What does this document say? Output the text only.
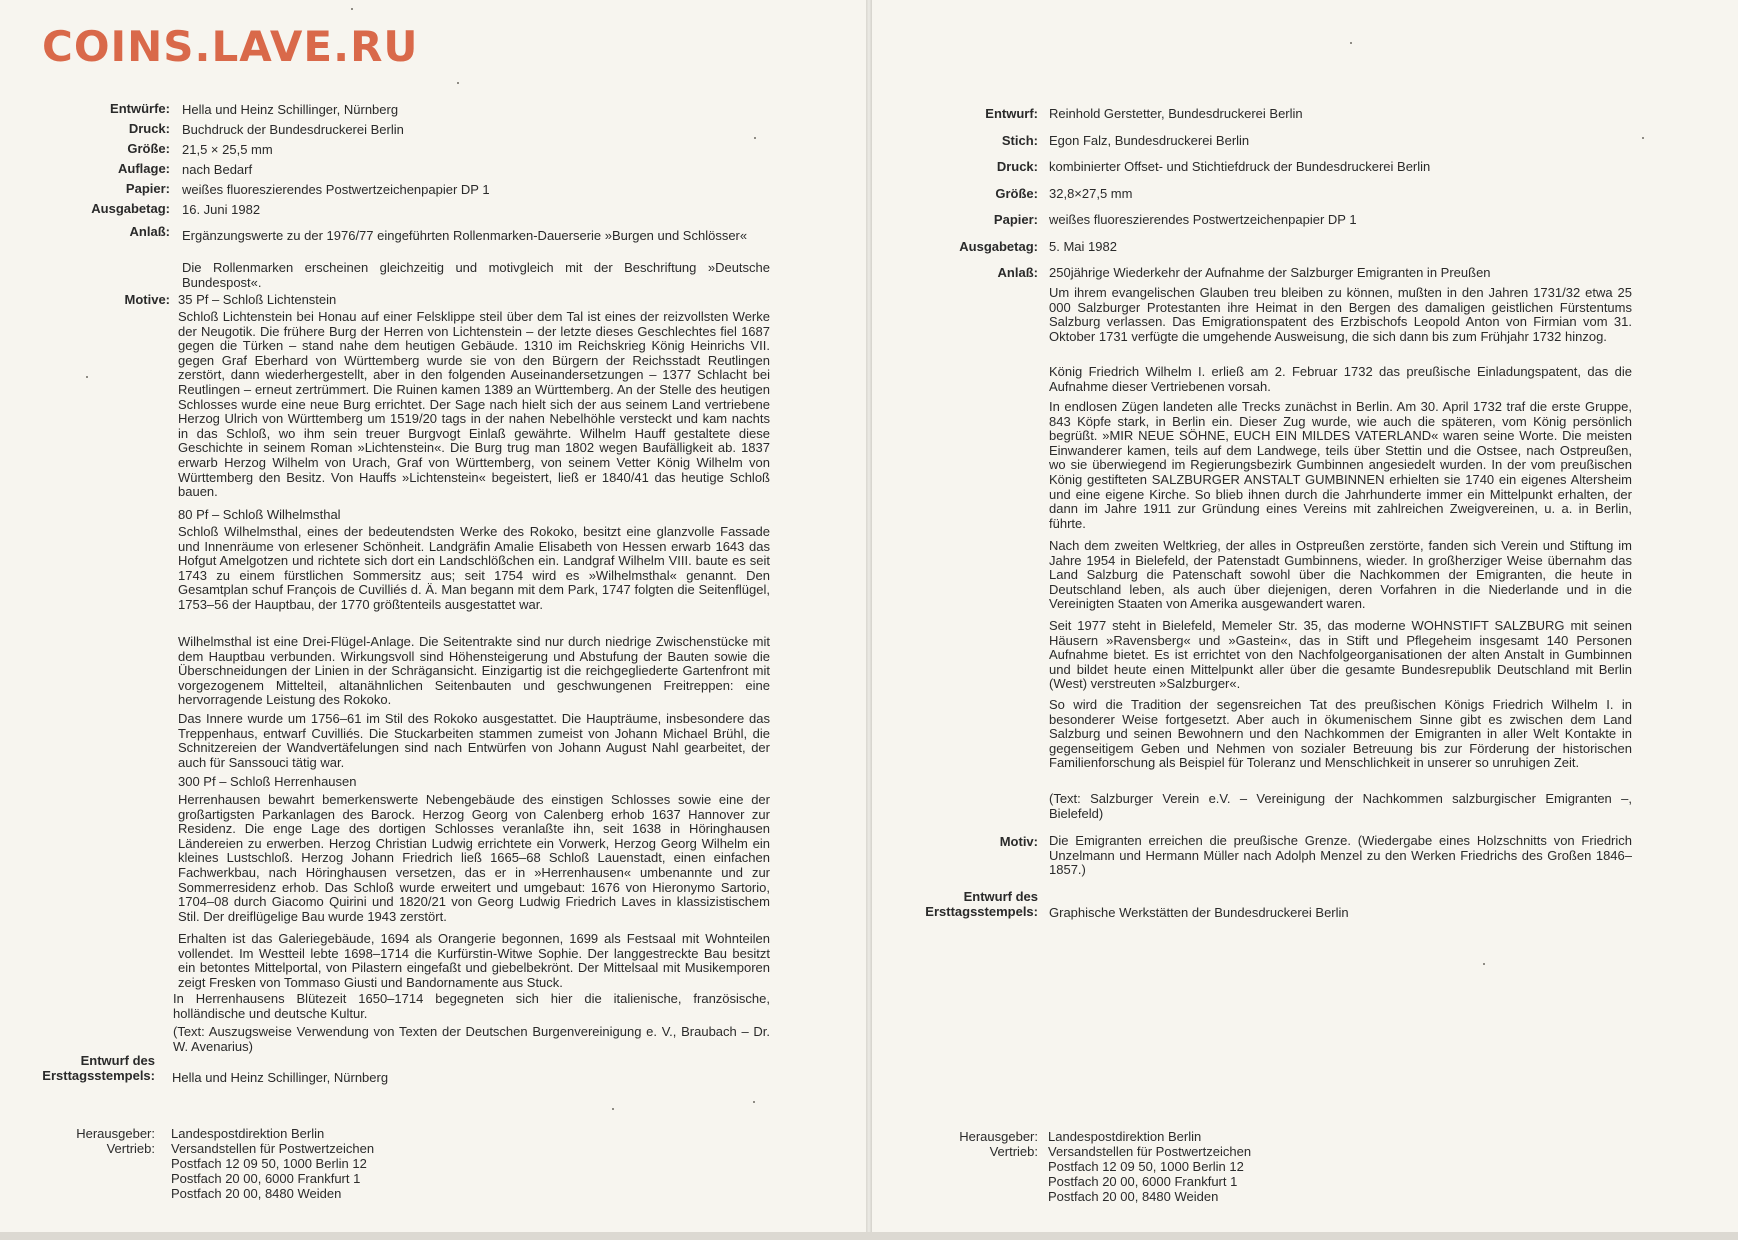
COINS.LAVE.RU
Entwürfe: Hella und Heinz Schillinger, Nürnberg
Druck: Buchdruck der Bundesdruckerei Berlin
Größe: 21,5 × 25,5 mm
Auflage: nach Bedarf
Papier: weißes fluoreszierendes Postwertzeichenpapier DP 1
Ausgabetag: 16. Juni 1982
Anlaß: Ergänzungswerte zu der 1976/77 eingeführten Rollenmarken-Dauerserie »Burgen und Schlösser«

Die Rollenmarken erscheinen gleichzeitig und motivgleich mit der Beschriftung »Deutsche Bundespost«.

Motive: 35 Pf – Schloß Lichtenstein

Schloß Lichtenstein bei Honau auf einer Felsklippe steil über dem Tal ist eines der reizvollsten Werke der Neugotik. Die frühere Burg der Herren von Lichtenstein – der letzte dieses Geschlechtes fiel 1687 gegen die Türken – stand nahe dem heutigen Gebäude. 1310 im Reichskrieg König Heinrichs VII. gegen Graf Eberhard von Württemberg wurde sie von den Bürgern der Reichsstadt Reutlingen zerstört, dann wiederhergestellt, aber in den folgenden Auseinandersetzungen – 1377 Schlacht bei Reutlingen – erneut zertrümmert. Die Ruinen kamen 1389 an Württemberg. An der Stelle des heutigen Schlosses wurde eine neue Burg errichtet. Der Sage nach hielt sich der aus seinem Land vertriebene Herzog Ulrich von Württemberg um 1519/20 tags in der nahen Nebelhöhle versteckt und kam nachts in das Schloß, wo ihm sein treuer Burgvogt Einlaß gewährte. Wilhelm Hauff gestaltete diese Geschichte in seinem Roman »Lichtenstein«. Die Burg trug man 1802 wegen Baufälligkeit ab. 1837 erwarb Herzog Wilhelm von Urach, Graf von Württemberg, von seinem Vetter König Wilhelm von Württemberg den Besitz. Von Hauffs »Lichtenstein« begeistert, ließ er 1840/41 das heutige Schloß bauen.

80 Pf – Schloß Wilhelmsthal

Schloß Wilhelmsthal, eines der bedeutendsten Werke des Rokoko, besitzt eine glanzvolle Fassade und Innenräume von erlesener Schönheit. Landgräfin Amalie Elisabeth von Hessen erwarb 1643 das Hofgut Amelgotzen und richtete sich dort ein Landschlößchen ein. Landgraf Wilhelm VIII. baute es seit 1743 zu einem fürstlichen Sommersitz aus; seit 1754 wird es »Wilhelmsthal« genannt. Den Gesamtplan schuf François de Cuvilliés d. Ä. Man begann mit dem Park, 1747 folgten die Seitenflügel, 1753–56 der Hauptbau, der 1770 größtenteils ausgestattet war.

Wilhelmsthal ist eine Drei-Flügel-Anlage. Die Seitentrakte sind nur durch niedrige Zwischenstücke mit dem Hauptbau verbunden. Wirkungsvoll sind Höhensteigerung und Abstufung der Bauten sowie die Überschneidungen der Linien in der Schrägansicht. Einzigartig ist die reichgegliederte Gartenfront mit vorgezogenem Mittelteil, altanähnlichen Seitenbauten und geschwungenen Freitreppen: eine hervorragende Leistung des Rokoko.

Das Innere wurde um 1756–61 im Stil des Rokoko ausgestattet. Die Haupträume, insbesondere das Treppenhaus, entwarf Cuvilliés. Die Stuckarbeiten stammen zumeist von Johann Michael Brühl, die Schnitzereien der Wandvertäfelungen sind nach Entwürfen von Johann August Nahl gearbeitet, der auch für Sanssouci tätig war.

300 Pf – Schloß Herrenhausen

Herrenhausen bewahrt bemerkenswerte Nebengebäude des einstigen Schlosses sowie eine der großartigsten Parkanlagen des Barock. Herzog Georg von Calenberg erhob 1637 Hannover zur Residenz. Die enge Lage des dortigen Schlosses veranlaßte ihn, seit 1638 in Höringhausen Ländereien zu erwerben. Herzog Christian Ludwig errichtete ein Vorwerk, Herzog Georg Wilhelm ein kleines Lustschloß. Herzog Johann Friedrich ließ 1665–68 Schloß Lauenstadt, einen einfachen Fachwerkbau, nach Höringhausen versetzen, das er in »Herrenhausen« umbenannte und zur Sommerresidenz erhob. Das Schloß wurde erweitert und umgebaut: 1676 von Hieronymo Sartorio, 1704–08 durch Giacomo Quirini und 1820/21 von Georg Ludwig Friedrich Laves in klassizistischem Stil. Der dreiflügelige Bau wurde 1943 zerstört.

Erhalten ist das Galeriegebäude, 1694 als Orangerie begonnen, 1699 als Festsaal mit Wohnteilen vollendet. Im Westteil lebte 1698–1714 die Kurfürstin-Witwe Sophie. Der langgestreckte Bau besitzt ein betontes Mittelportal, von Pilastern eingefaßt und giebelbekrönt. Der Mittelsaal mit Musikemporen zeigt Fresken von Tommaso Giusti und Bandornamente aus Stuck.

In Herrenhausens Blütezeit 1650–1714 begegneten sich hier die italienische, französische, holländische und deutsche Kultur.

(Text: Auszugsweise Verwendung von Texten der Deutschen Burgenvereinigung e. V., Braubach – Dr. W. Avenarius)

Entwurf des
Ersttagsstempels: Hella und Heinz Schillinger, Nürnberg
Herausgeber: Landespostdirektion Berlin
Vertrieb: Versandstellen für Postwertzeichen
Postfach 12 09 50, 1000 Berlin 12
Postfach 20 00, 6000 Frankfurt 1
Postfach 20 00, 8480 Weiden
Entwurf: Reinhold Gerstetter, Bundesdruckerei Berlin
Stich: Egon Falz, Bundesdruckerei Berlin
Druck: kombinierter Offset- und Stichtiefdruck der Bundesdruckerei Berlin
Größe: 32,8×27,5 mm
Papier: weißes fluoreszierendes Postwertzeichenpapier DP 1
Ausgabetag: 5. Mai 1982
Anlaß: 250jährige Wiederkehr der Aufnahme der Salzburger Emigranten in Preußen

Um ihrem evangelischen Glauben treu bleiben zu können, mußten in den Jahren 1731/32 etwa 25 000 Salzburger Protestanten ihre Heimat in den Bergen des damaligen geistlichen Fürstentums Salzburg verlassen. Das Emigrationspatent des Erzbischofs Leopold Anton von Firmian vom 31. Oktober 1731 verfügte die umgehende Ausweisung, die sich dann bis zum Frühjahr 1732 hinzog.

König Friedrich Wilhelm I. erließ am 2. Februar 1732 das preußische Einladungspatent, das die Aufnahme dieser Vertriebenen vorsah.

In endlosen Zügen landeten alle Trecks zunächst in Berlin. Am 30. April 1732 traf die erste Gruppe, 843 Köpfe stark, in Berlin ein. Dieser Zug wurde, wie auch die späteren, vom König persönlich begrüßt. »MIR NEUE SÖHNE, EUCH EIN MILDES VATERLAND« waren seine Worte. Die meisten Einwanderer kamen, teils auf dem Landwege, teils über Stettin und die Ostsee, nach Ostpreußen, wo sie überwiegend im Regierungsbezirk Gumbinnen angesiedelt wurden. In der vom preußischen König gestifteten SALZBURGER ANSTALT GUMBINNEN erhielten sie 1740 ein eigenes Altersheim und eine eigene Kirche. So blieb ihnen durch die Jahrhunderte immer ein Mittelpunkt erhalten, der dann im Jahre 1911 zur Gründung eines Vereins mit zahlreichen Zweigvereinen, u. a. in Berlin, führte.

Nach dem zweiten Weltkrieg, der alles in Ostpreußen zerstörte, fanden sich Verein und Stiftung im Jahre 1954 in Bielefeld, der Patenstadt Gumbinnens, wieder. In großherziger Weise übernahm das Land Salzburg die Patenschaft sowohl über die Nachkommen der Emigranten, die heute in Deutschland leben, als auch über diejenigen, deren Vorfahren in die Niederlande und in die Vereinigten Staaten von Amerika ausgewandert waren.

Seit 1977 steht in Bielefeld, Memeler Str. 35, das moderne WOHNSTIFT SALZBURG mit seinen Häusern »Ravensberg« und »Gastein«, das in Stift und Pflegeheim insgesamt 140 Personen Aufnahme bietet. Es ist errichtet von den Nachfolgeorganisationen der alten Anstalt in Gumbinnen und bildet heute einen Mittelpunkt aller über die gesamte Bundesrepublik Deutschland mit Berlin (West) verstreuten »Salzburger«.

So wird die Tradition der segensreichen Tat des preußischen Königs Friedrich Wilhelm I. in besonderer Weise fortgesetzt. Aber auch in ökumenischem Sinne gibt es zwischen dem Land Salzburg und seinen Bewohnern und den Nachkommen der Emigranten in aller Welt Kontakte in gegenseitigem Geben und Nehmen von sozialer Betreuung bis zur Förderung der historischen Familienforschung als Beispiel für Toleranz und Menschlichkeit in unserer so unruhigen Zeit.

(Text: Salzburger Verein e.V. – Vereinigung der Nachkommen salzburgischer Emigranten –, Bielefeld)

Motiv: Die Emigranten erreichen die preußische Grenze. (Wiedergabe eines Holzschnitts von Friedrich Unzelmann und Hermann Müller nach Adolph Menzel zu den Werken Friedrichs des Großen 1846–1857.)

Entwurf des
Ersttagsstempels: Graphische Werkstätten der Bundesdruckerei Berlin
Herausgeber: Landespostdirektion Berlin
Vertrieb: Versandstellen für Postwertzeichen
Postfach 12 09 50, 1000 Berlin 12
Postfach 20 00, 6000 Frankfurt 1
Postfach 20 00, 8480 Weiden
